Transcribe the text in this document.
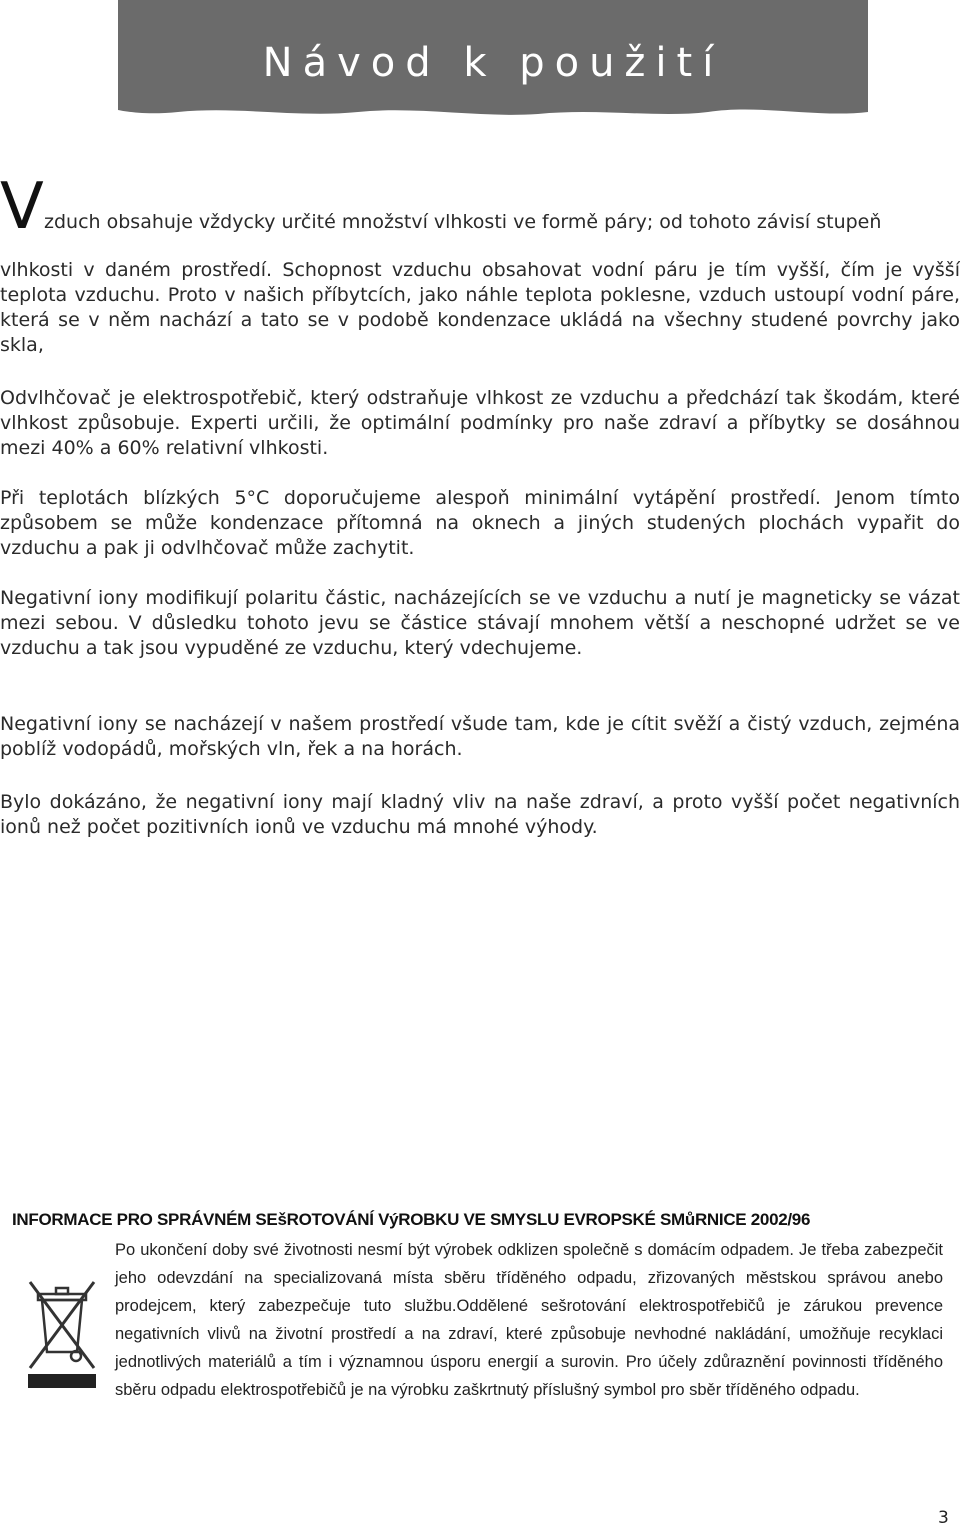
Návod k použití
V zduch obsahuje vždycky určité množství vlhkosti ve formě páry; od tohoto závisí stupeň

vlhkosti v daném prostředí. Schopnost vzduchu obsahovat vodní páru je tím vyšší, čím je vyšší teplota vzduchu. Proto v našich příbytcích, jako náhle teplota poklesne, vzduch ustoupí vodní páre, která se v něm nachází a tato se v podobě kondenzace ukládá na všechny studené povrchy jako skla,

Odvlhčovač je elektrospotřebič, který odstraňuje vlhkost ze vzduchu a předchází tak škodám, které vlhkost způsobuje. Experti určili, že optimální podmínky pro naše zdraví a příbytky se dosáhnou mezi 40% a 60% relativní vlhkosti.

Při teplotách blízkých 5°C doporučujeme alespoň minimální vytápění prostředí. Jenom tímto způsobem se může kondenzace přítomná na oknech a jiných studených plochách vypařit do vzduchu a pak ji odvlhčovač může zachytit.

Negativní iony modifikují polaritu částic, nacházejících se ve vzduchu a nutí je magneticky se vázat mezi sebou. V důsledku tohoto jevu se částice stávají mnohem větší a neschopné udržet se ve vzduchu a tak jsou vypuděné ze vzduchu, který vdechujeme.

Negativní iony se nacházejí v našem prostředí všude tam, kde je cítit svěží a čistý vzduch, zejména poblíž vodopádů, mořských vln, řek a na horách.

Bylo dokázáno, že negativní iony mají kladný vliv na naše zdraví, a proto vyšší počet negativních ionů než počet pozitivních ionů ve vzduchu má mnohé výhody.

INFORMACE PRO SPRÁVNÉM SEšROTOVÁNÍ VýROBKU VE SMYSLU EVROPSKÉ SMůRNICE 2002/96
Po ukončení doby své životnosti nesmí být výrobek odklizen společně s domácím odpadem. Je třeba zabezpečit jeho odevzdání na specializovaná místa sběru tříděného odpadu, zřizovaných městskou správou anebo prodejcem, který zabezpečuje tuto službu.Oddělené sešrotování elektrospotřebičů je zárukou prevence negativních vlivů na životní prostředí a na zdraví, které způsobuje nevhodné nakládání, umožňuje recyklaci jednotlivých materiálů a tím i významnou úsporu energií a surovin. Pro účely zdůraznění povinnosti tříděného sběru odpadu elektrospotřebičů je na výrobku zaškrtnutý příslušný symbol pro sběr tříděného odpadu.
3
